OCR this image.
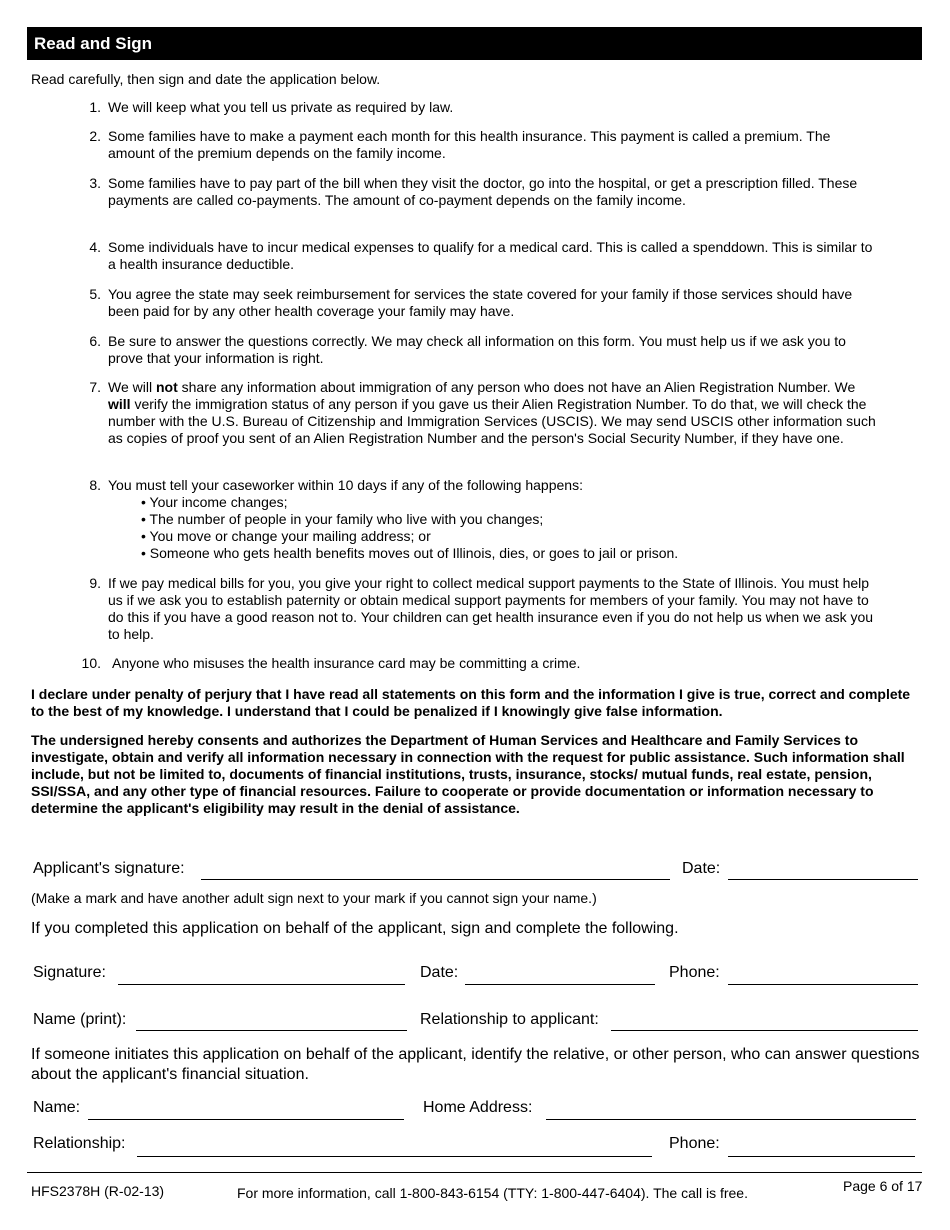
Read and Sign
Read carefully, then sign and date the application below.
1. We will keep what you tell us private as required by law.
2. Some families have to make a payment each month for this health insurance. This payment is called a premium. The amount of the premium depends on the family income.
3. Some families have to pay part of the bill when they visit the doctor, go into the hospital, or get a prescription filled. These payments are called co-payments. The amount of co-payment depends on the family income.
4. Some individuals have to incur medical expenses to qualify for a medical card. This is called a spenddown. This is similar to a health insurance deductible.
5. You agree the state may seek reimbursement for services the state covered for your family if those services should have been paid for by any other health coverage your family may have.
6. Be sure to answer the questions correctly. We may check all information on this form. You must help us if we ask you to prove that your information is right.
7. We will not share any information about immigration of any person who does not have an Alien Registration Number. We will verify the immigration status of any person if you gave us their Alien Registration Number. To do that, we will check the number with the U.S. Bureau of Citizenship and Immigration Services (USCIS). We may send USCIS other information such as copies of proof you sent of an Alien Registration Number and the person's Social Security Number, if they have one.
8. You must tell your caseworker within 10 days if any of the following happens:
• Your income changes;
• The number of people in your family who live with you changes;
• You move or change your mailing address; or
• Someone who gets health benefits moves out of Illinois, dies, or goes to jail or prison.
9. If we pay medical bills for you, you give your right to collect medical support payments to the State of Illinois. You must help us if we ask you to establish paternity or obtain medical support payments for members of your family. You may not have to do this if you have a good reason not to. Your children can get health insurance even if you do not help us when we ask you to help.
10. Anyone who misuses the health insurance card may be committing a crime.
I declare under penalty of perjury that I have read all statements on this form and the information I give is true, correct and complete to the best of my knowledge. I understand that I could be penalized if I knowingly give false information.
The undersigned hereby consents and authorizes the Department of Human Services and Healthcare and Family Services to investigate, obtain and verify all information necessary in connection with the request for public assistance. Such information shall include, but not be limited to, documents of financial institutions, trusts, insurance, stocks/ mutual funds, real estate, pension, SSI/SSA, and any other type of financial resources. Failure to cooperate or provide documentation or information necessary to determine the applicant's eligibility may result in the denial of assistance.
Applicant's signature:	Date:
(Make a mark and have another adult sign next to your mark if you cannot sign your name.)
If you completed this application on behalf of the applicant, sign and complete the following.
Signature:	Date:	Phone:
Name (print):	Relationship to applicant:
If someone initiates this application on behalf of the applicant, identify the relative, or other person, who can answer questions about the applicant's financial situation.
Name:	Home Address:
Relationship:	Phone:
HFS2378H (R-02-13)	For more information, call 1-800-843-6154 (TTY: 1-800-447-6404). The call is free.	Page 6 of 17
